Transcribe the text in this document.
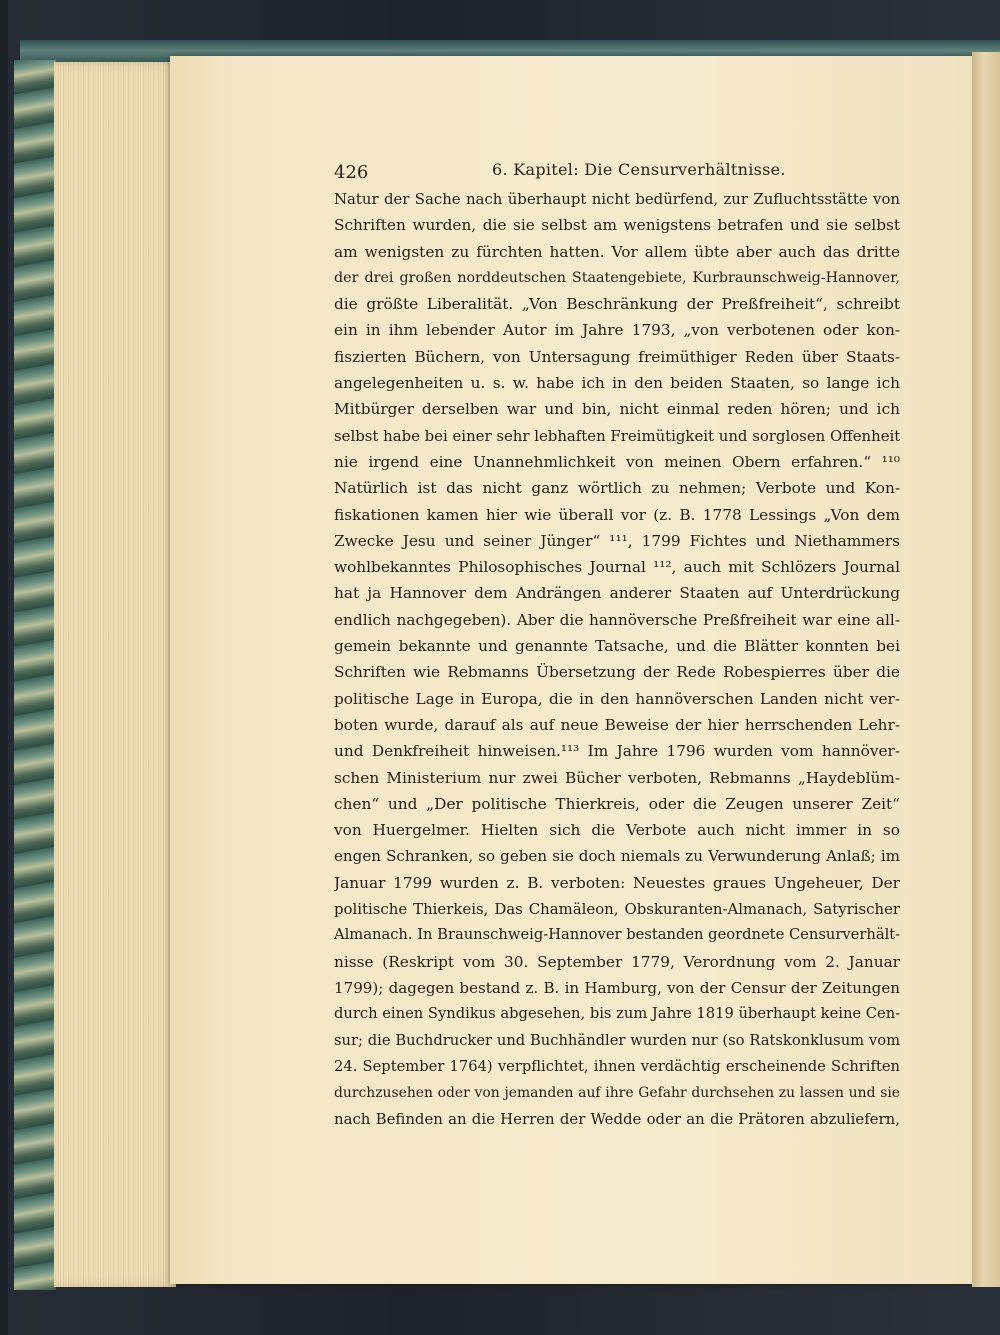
426	6. Kapitel: Die Censurverhältnisse.
Natur der Sache nach überhaupt nicht bedürfend, zur Zufluchtsstätte von
Schriften wurden, die sie selbst am wenigstens betrafen und sie selbst
am wenigsten zu fürchten hatten. Vor allem übte aber auch das dritte
der drei großen norddeutschen Staatengebiete, Kurbraunschweig-Hannover,
die größte Liberalität. „Von Beschränkung der Preßfreiheit“, schreibt
ein in ihm lebender Autor im Jahre 1793, „von verbotenen oder kon-
fiszierten Büchern, von Untersagung freimüthiger Reden über Staats-
angelegenheiten u. s. w. habe ich in den beiden Staaten, so lange ich
Mitbürger derselben war und bin, nicht einmal reden hören; und ich
selbst habe bei einer sehr lebhaften Freimütigkeit und sorglosen Offenheit
nie irgend eine Unannehmlichkeit von meinen Obern erfahren.“ ¹¹⁰
Natürlich ist das nicht ganz wörtlich zu nehmen; Verbote und Kon-
fiskationen kamen hier wie überall vor (z. B. 1778 Lessings „Von dem
Zwecke Jesu und seiner Jünger“ ¹¹¹, 1799 Fichtes und Niethammers
wohlbekanntes Philosophisches Journal ¹¹², auch mit Schlözers Journal
hat ja Hannover dem Andrängen anderer Staaten auf Unterdrückung
endlich nachgegeben). Aber die hannöversche Preßfreiheit war eine all-
gemein bekannte und genannte Tatsache, und die Blätter konnten bei
Schriften wie Rebmanns Übersetzung der Rede Robespierres über die
politische Lage in Europa, die in den hannöverschen Landen nicht ver-
boten wurde, darauf als auf neue Beweise der hier herrschenden Lehr-
und Denkfreiheit hinweisen.¹¹³ Im Jahre 1796 wurden vom hannöver-
schen Ministerium nur zwei Bücher verboten, Rebmanns „Haydeblüm-
chen“ und „Der politische Thierkreis, oder die Zeugen unserer Zeit“
von Huergelmer. Hielten sich die Verbote auch nicht immer in so
engen Schranken, so geben sie doch niemals zu Verwunderung Anlaß; im
Januar 1799 wurden z. B. verboten: Neuestes graues Ungeheuer, Der
politische Thierkeis, Das Chamäleon, Obskuranten-Almanach, Satyrischer
Almanach. In Braunschweig-Hannover bestanden geordnete Censurverhält-
nisse (Reskript vom 30. September 1779, Verordnung vom 2. Januar
1799); dagegen bestand z. B. in Hamburg, von der Censur der Zeitungen
durch einen Syndikus abgesehen, bis zum Jahre 1819 überhaupt keine Cen-
sur; die Buchdrucker und Buchhändler wurden nur (so Ratskonklusum vom
24. September 1764) verpflichtet, ihnen verdächtig erscheinende Schriften
durchzusehen oder von jemanden auf ihre Gefahr durchsehen zu lassen und sie
nach Befinden an die Herren der Wedde oder an die Prätoren abzuliefern,
